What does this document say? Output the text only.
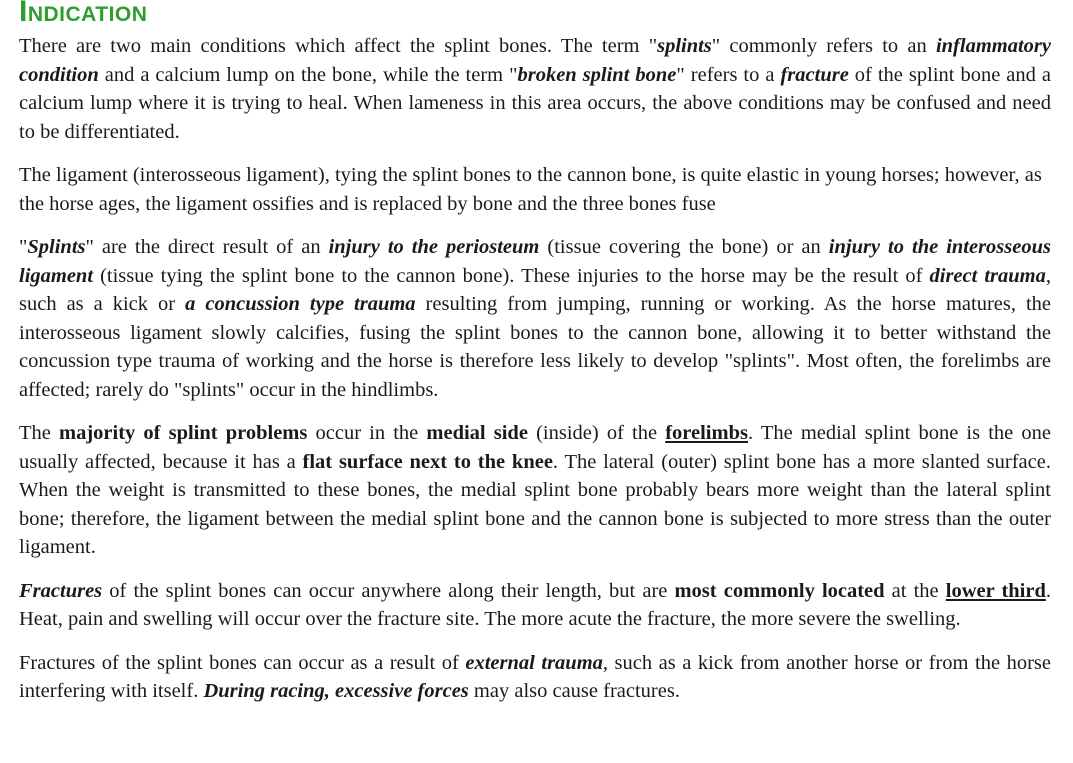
Indication

There are two main conditions which affect the splint bones. The term "splints" commonly refers to an inflammatory condition and a calcium lump on the bone, while the term "broken splint bone" refers to a fracture of the splint bone and a calcium lump where it is trying to heal. When lameness in this area occurs, the above conditions may be confused and need to be differentiated.

The ligament (interosseous ligament), tying the splint bones to the cannon bone, is quite elastic in young horses; however, as the horse ages, the ligament ossifies and is replaced by bone and the three bones fuse

"Splints" are the direct result of an injury to the periosteum (tissue covering the bone) or an injury to the interosseous ligament (tissue tying the splint bone to the cannon bone). These injuries to the horse may be the result of direct trauma, such as a kick or a concussion type trauma resulting from jumping, running or working. As the horse matures, the interosseous ligament slowly calcifies, fusing the splint bones to the cannon bone, allowing it to better withstand the concussion type trauma of working and the horse is therefore less likely to develop "splints". Most often, the forelimbs are affected; rarely do "splints" occur in the hindlimbs.

The majority of splint problems occur in the medial side (inside) of the forelimbs. The medial splint bone is the one usually affected, because it has a flat surface next to the knee. The lateral (outer) splint bone has a more slanted surface. When the weight is transmitted to these bones, the medial splint bone probably bears more weight than the lateral splint bone; therefore, the ligament between the medial splint bone and the cannon bone is subjected to more stress than the outer ligament.

Fractures of the splint bones can occur anywhere along their length, but are most commonly located at the lower third. Heat, pain and swelling will occur over the fracture site. The more acute the fracture, the more severe the swelling.

Fractures of the splint bones can occur as a result of external trauma, such as a kick from another horse or from the horse interfering with itself. During racing, excessive forces may also cause fractures.
